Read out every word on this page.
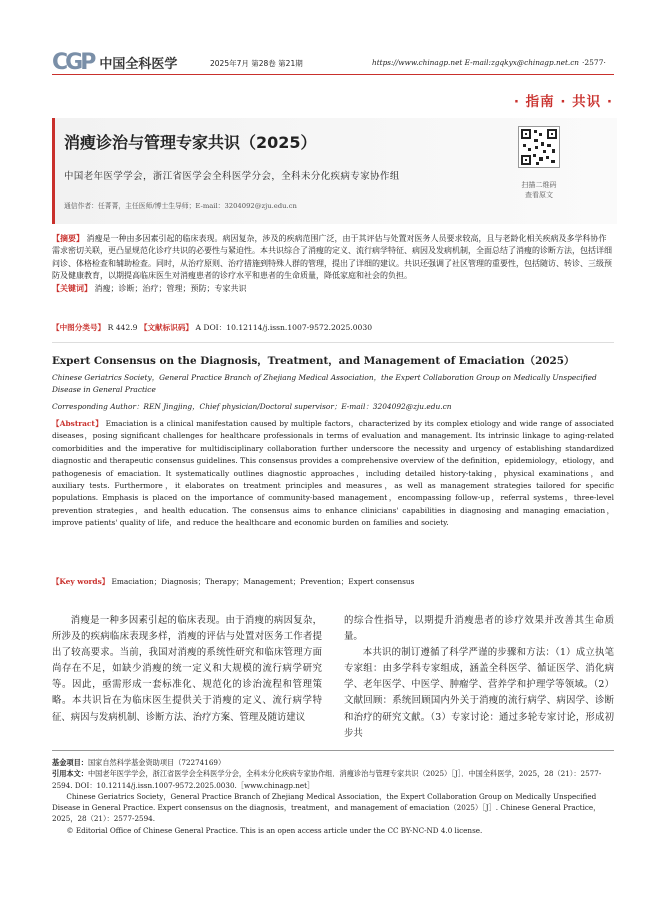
CGP 中国全科医学	2025年7月 第28卷 第21期	https://www.chinagp.net E-mail:zgqkyx@chinagp.net.cn ·2577·
· 指南 · 共识 ·
消瘦诊治与管理专家共识（2025）
中国老年医学学会，浙江省医学会全科医学分会，全科未分化疾病专家协作组
通信作者：任菁菁，主任医师/博士生导师；E-mail：3204092@zju.edu.cn
扫描二维码
查看原文
【摘要】 消瘦是一种由多因素引起的临床表现。病因复杂，涉及的疾病范围广泛，由于其评估与处置对医务人员要求较高，且与老龄化相关疾病及多学科协作需求密切关联，更凸显规范化诊疗共识的必要性与紧迫性。本共识综合了消瘦的定义、流行病学特征、病因及发病机制，全面总结了消瘦的诊断方法，包括详细问诊、体格检查和辅助检查。同时，从治疗原则、治疗措施到特殊人群的管理，提出了详细的建议。共识还强调了社区管理的重要性，包括随访、转诊、三级预防及健康教育，以期提高临床医生对消瘦患者的诊疗水平和患者的生命质量，降低家庭和社会的负担。
【关键词】 消瘦；诊断；治疗；管理；预防；专家共识
【中图分类号】 R 442.9 【文献标识码】 A DOI：10.12114/j.issn.1007-9572.2025.0030
Expert Consensus on the Diagnosis，Treatment，and Management of Emaciation（2025）
Chinese Geriatrics Society，General Practice Branch of Zhejiang Medical Association，the Expert Collaboration Group on Medically Unspecified Disease in General Practice
Corresponding Author：REN Jingjing，Chief physician/Doctoral supervisor；E-mail：3204092@zju.edu.cn
【Abstract】 Emaciation is a clinical manifestation caused by multiple factors，characterized by its complex etiology and wide range of associated diseases，posing significant challenges for healthcare professionals in terms of evaluation and management. Its intrinsic linkage to aging-related comorbidities and the imperative for multidisciplinary collaboration further underscore the necessity and urgency of establishing standardized diagnostic and therapeutic consensus guidelines. This consensus provides a comprehensive overview of the definition，epidemiology，etiology，and pathogenesis of emaciation. It systematically outlines diagnostic approaches，including detailed history-taking，physical examinations，and auxiliary tests. Furthermore，it elaborates on treatment principles and measures，as well as management strategies tailored for specific populations. Emphasis is placed on the importance of community-based management，encompassing follow-up，referral systems，three-level prevention strategies，and health education. The consensus aims to enhance clinicians' capabilities in diagnosing and managing emaciation，improve patients' quality of life，and reduce the healthcare and economic burden on families and society.
【Key words】 Emaciation；Diagnosis；Therapy；Management；Prevention；Expert consensus

消瘦是一种多因素引起的临床表现。由于消瘦的病因复杂，所涉及的疾病临床表现多样，消瘦的评估与处置对医务工作者提出了较高要求。当前，我国对消瘦的系统性研究和临床管理方面尚存在不足，如缺少消瘦的统一定义和大规模的流行病学研究等。因此，亟需形成一套标准化、规范化的诊治流程和管理策略。本共识旨在为临床医生提供关于消瘦的定义、流行病学特征、病因与发病机制、诊断方法、治疗方案、管理及随访建议

的综合性指导，以期提升消瘦患者的诊疗效果并改善其生命质量。

本共识的制订遵循了科学严谨的步骤和方法：（1）成立执笔专家组：由多学科专家组成，涵盖全科医学、循证医学、消化病学、老年医学、中医学、肿瘤学、营养学和护理学等领域。（2）文献回顾：系统回顾国内外关于消瘦的流行病学、病因学、诊断和治疗的研究文献。（3）专家讨论：通过多轮专家讨论，形成初步共

基金项目：国家自然科学基金资助项目（72274169）

引用本文：中国老年医学学会，浙江省医学会全科医学分会，全科未分化疾病专家协作组．消瘦诊治与管理专家共识（2025）［J］．中国全科医学，2025，28（21）：2577-2594. DOI：10.12114/j.issn.1007-9572.2025.0030.［www.chinagp.net］

Chinese Geriatrics Society，General Practice Branch of Zhejiang Medical Association，the Expert Collaboration Group on Medically Unspecified Disease in General Practice. Expert consensus on the diagnosis，treatment，and management of emaciation（2025）［J］. Chinese General Practice，2025，28（21）：2577-2594.

© Editorial Office of Chinese General Practice. This is an open access article under the CC BY-NC-ND 4.0 license.
